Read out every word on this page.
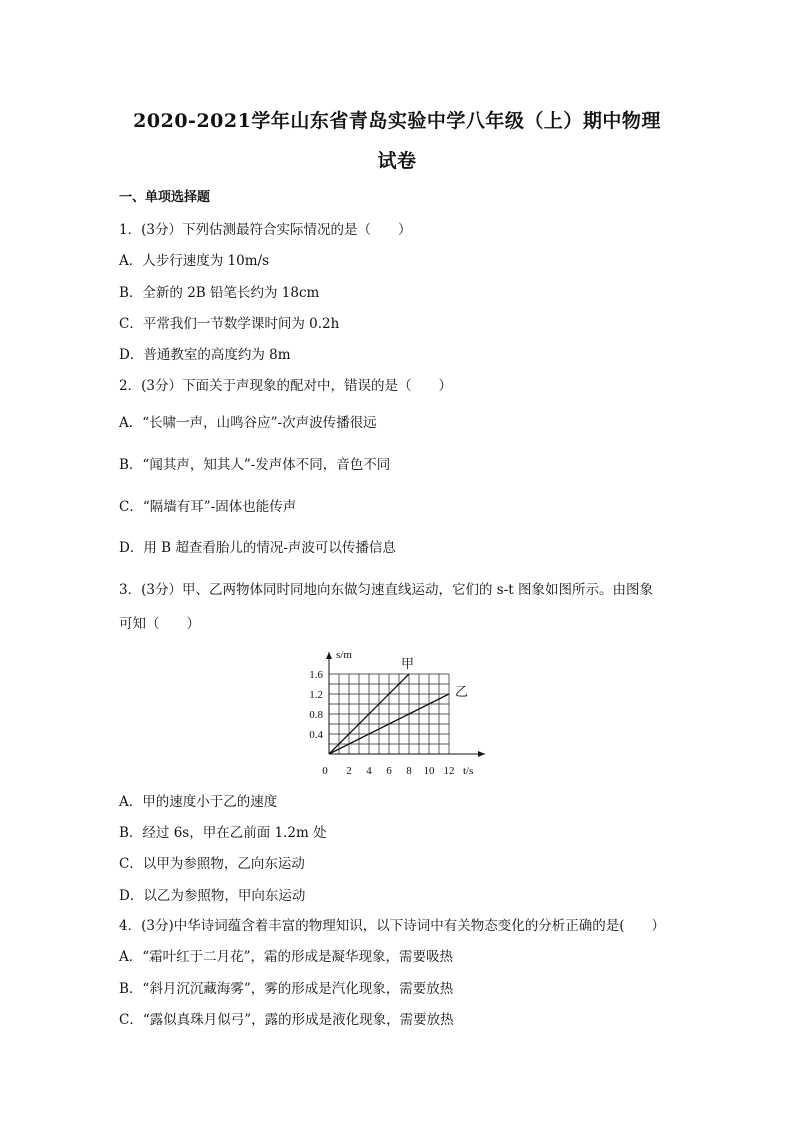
2020-2021学年山东省青岛实验中学八年级（上）期中物理
试卷
一、单项选择题
1．(3分）下列估测最符合实际情况的是（　　）
A．人步行速度为 10m/s
B．全新的 2B 铅笔长约为 18cm
C．平常我们一节数学课时间为 0.2h
D．普通教室的高度约为 8m
2．(3分）下面关于声现象的配对中，错误的是（　　）
A．“长啸一声，山鸣谷应”-次声波传播很远
B．“闻其声，知其人”-发声体不同，音色不同
C．“隔墙有耳”-固体也能传声
D．用 B 超查看胎儿的情况-声波可以传播信息
3．(3分）甲、乙两物体同时同地向东做匀速直线运动，它们的 s-t 图象如图所示。由图象
可知（　　）
s/m
t/s
0 2 4 6 8 10 12
0.4
0.8
1.2
1.6
甲
乙
A．甲的速度小于乙的速度
B．经过 6s，甲在乙前面 1.2m 处
C．以甲为参照物，乙向东运动
D．以乙为参照物，甲向东运动
4．(3分)中华诗词蕴含着丰富的物理知识，以下诗词中有关物态变化的分析正确的是(　　）
A．“霜叶红于二月花”，霜的形成是凝华现象，需要吸热
B．“斜月沉沉藏海雾”，雾的形成是汽化现象，需要放热
C．“露似真珠月似弓”，露的形成是液化现象，需要放热
